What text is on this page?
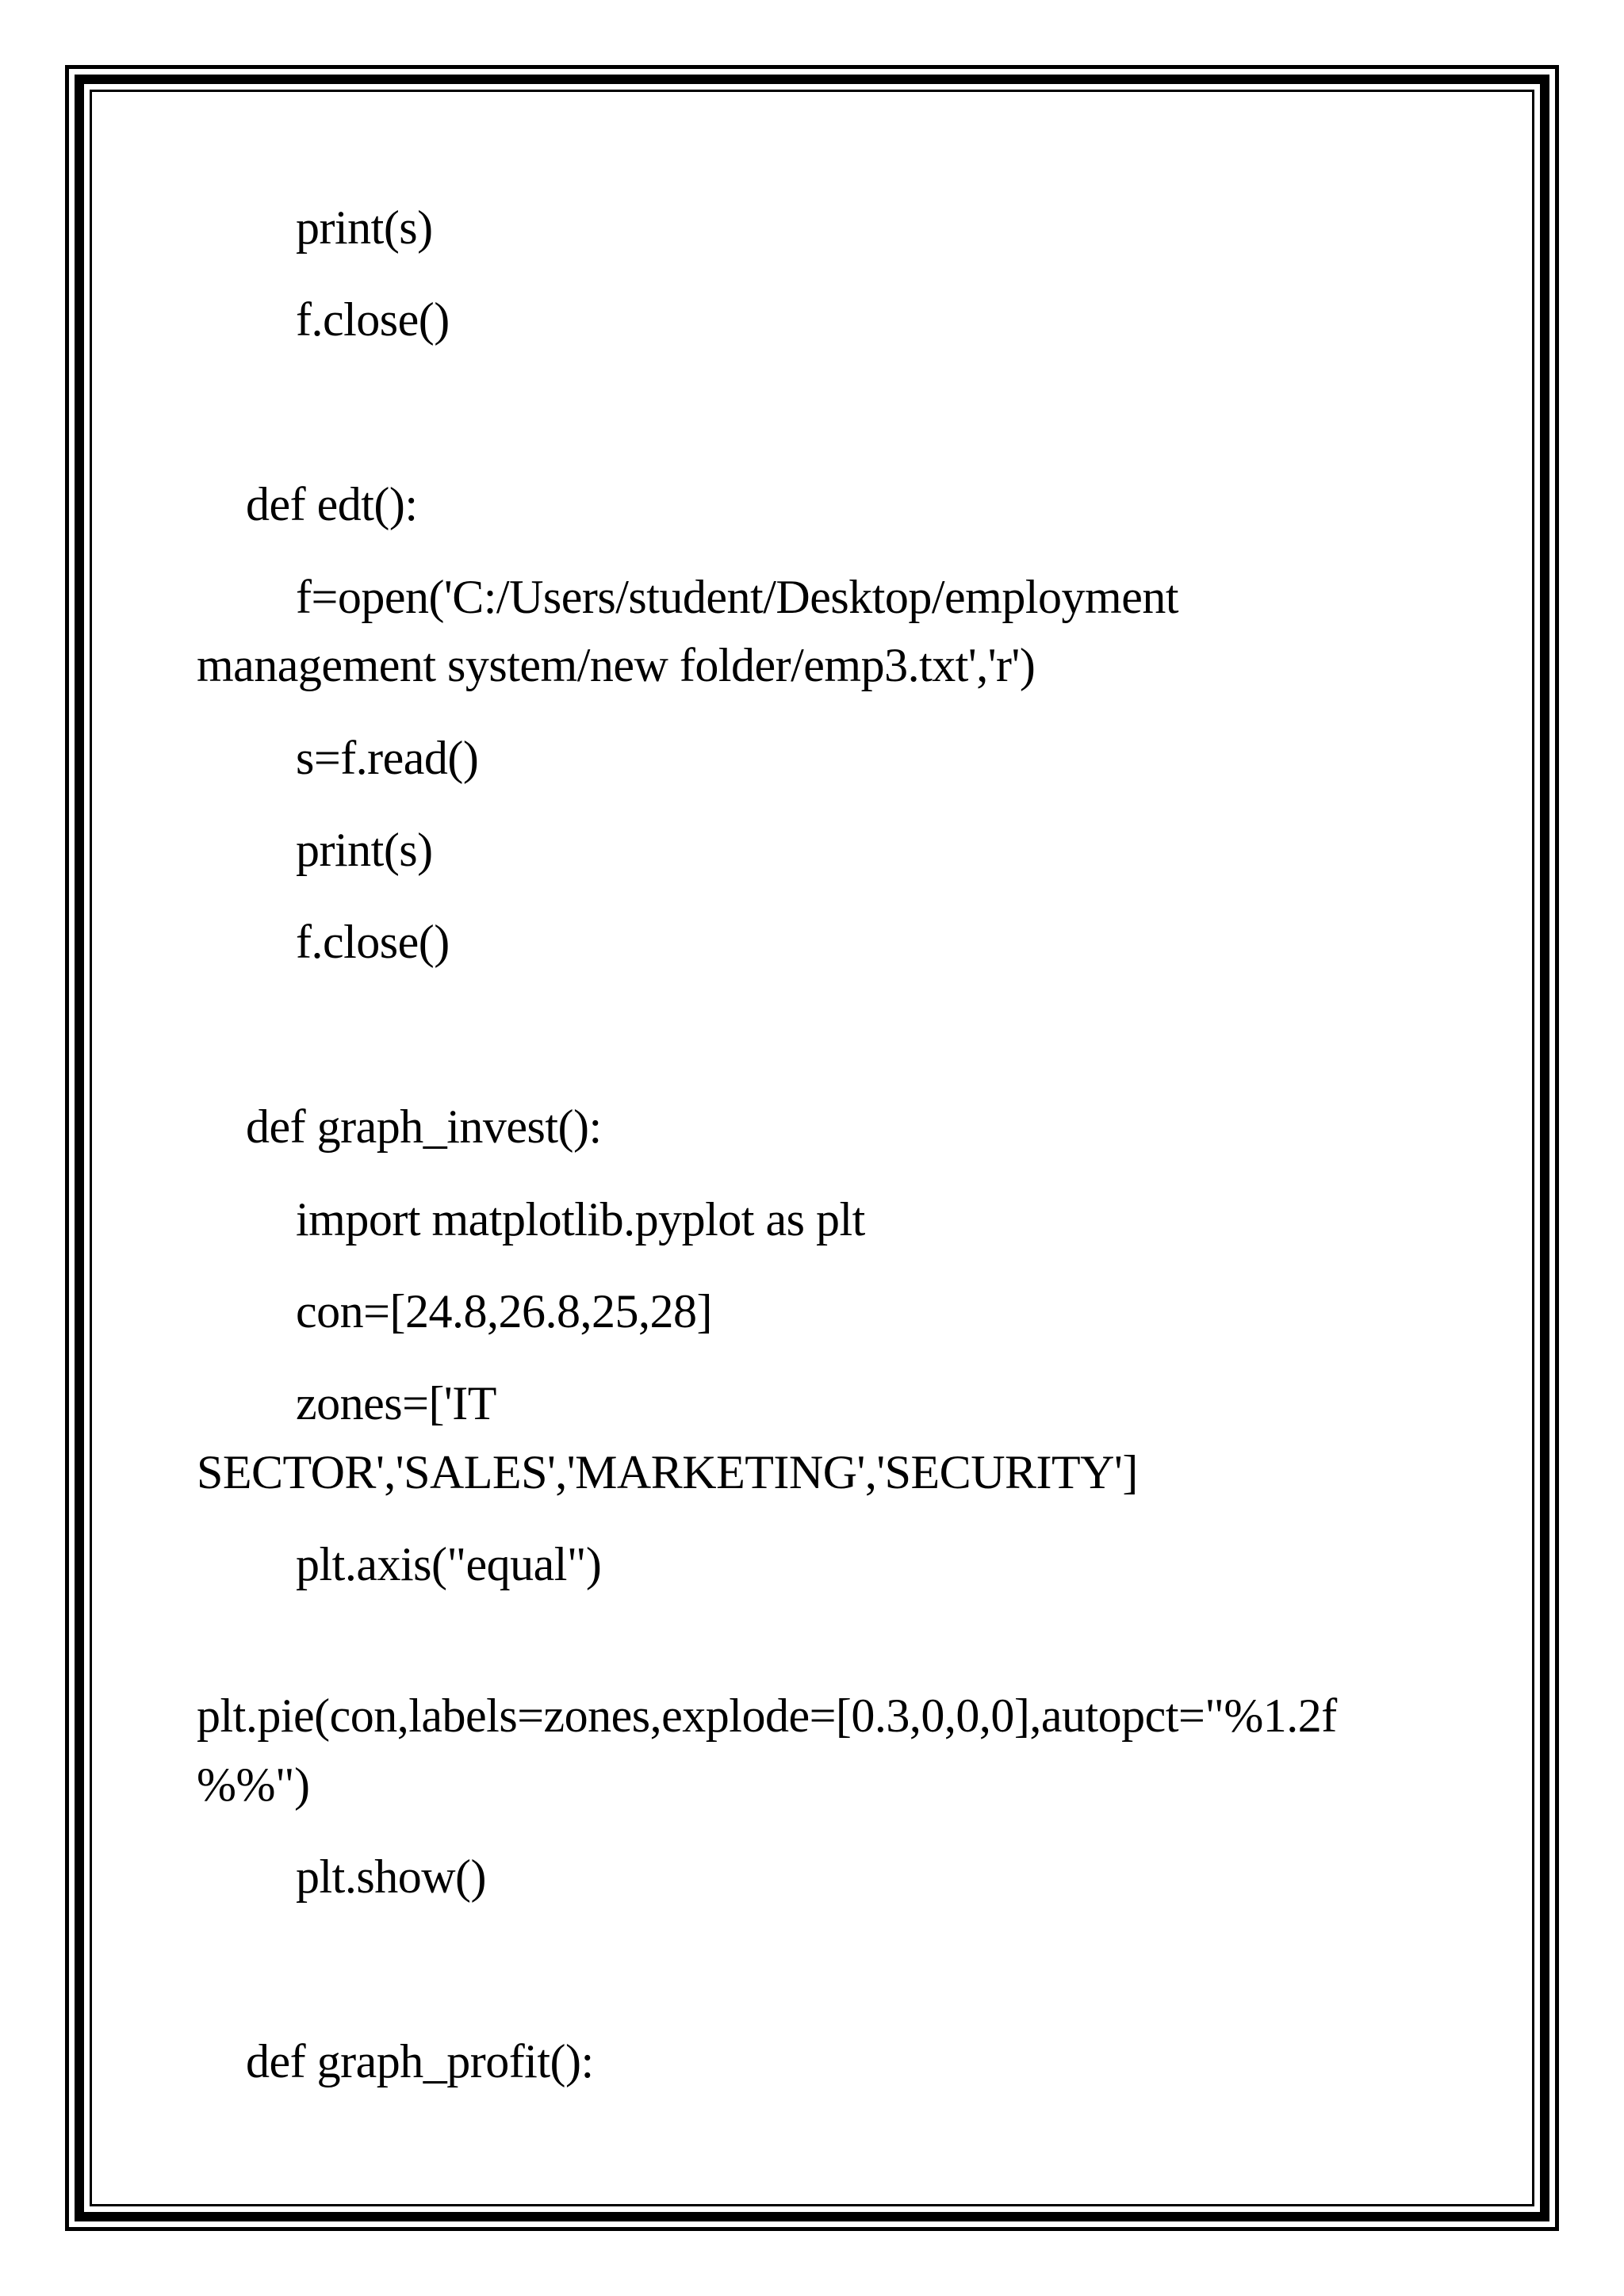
print(s)
f.close()
def edt():
f=open('C:/Users/student/Desktop/employment
management system/new folder/emp3.txt','r')
s=f.read()
print(s)
f.close()
def graph_invest():
import matplotlib.pyplot as plt
con=[24.8,26.8,25,28]
zones=['IT
SECTOR','SALES','MARKETING','SECURITY']
plt.axis("equal")
plt.pie(con,labels=zones,explode=[0.3,0,0,0],autopct="%1.2f
%%")
plt.show()
def graph_profit():
